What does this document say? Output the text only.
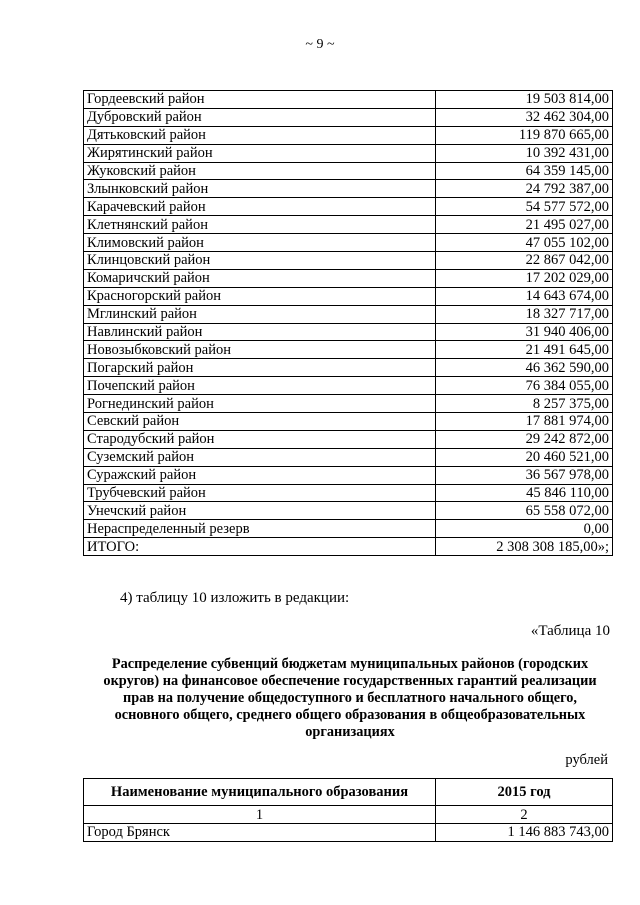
~ 9 ~
Гордеевский район	19 503 814,00
Дубровский район	32 462 304,00
Дятьковский район	119 870 665,00
Жирятинский район	10 392 431,00
Жуковский район	64 359 145,00
Злынковский район	24 792 387,00
Карачевский район	54 577 572,00
Клетнянский район	21 495 027,00
Климовский район	47 055 102,00
Клинцовский район	22 867 042,00
Комаричский район	17 202 029,00
Красногорский район	14 643 674,00
Мглинский район	18 327 717,00
Навлинский район	31 940 406,00
Новозыбковский район	21 491 645,00
Погарский район	46 362 590,00
Почепский район	76 384 055,00
Рогнединский район	8 257 375,00
Севский район	17 881 974,00
Стародубский район	29 242 872,00
Суземский район	20 460 521,00
Суражский район	36 567 978,00
Трубчевский район	45 846 110,00
Унечский район	65 558 072,00
Нераспределенный резерв	0,00
ИТОГО:	2 308 308 185,00»;
4) таблицу 10 изложить в редакции:
«Таблица 10
Распределение субвенций бюджетам муниципальных районов (городских округов) на финансовое обеспечение государственных гарантий реализации прав на получение общедоступного и бесплатного начального общего, основного общего, среднего общего образования в общеобразовательных организациях
рублей
Наименование муниципального образования	2015 год
1	2
Город Брянск	1 146 883 743,00
